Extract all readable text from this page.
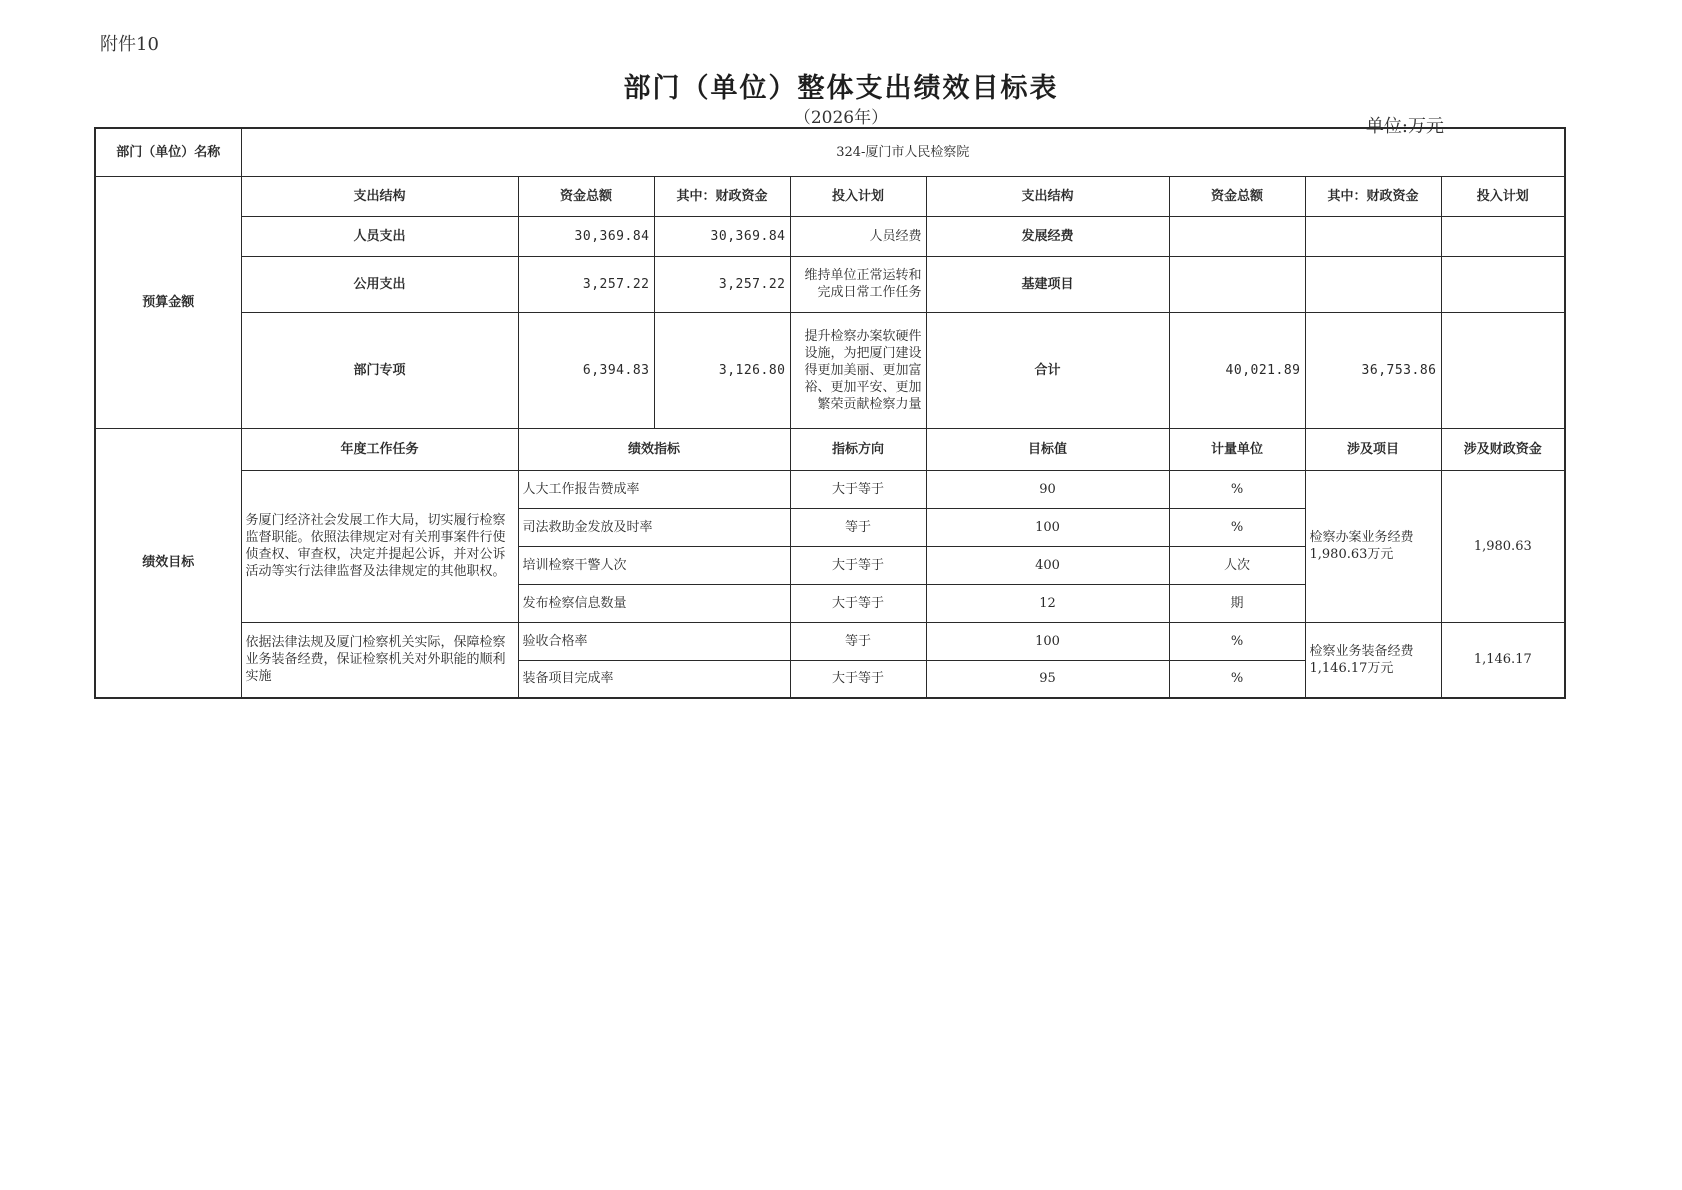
附件10
部门（单位）整体支出绩效目标表
（2026年）	单位:万元
部门（单位）名称	324-厦门市人民检察院							
预算金额	支出结构	资金总额	其中：财政资金	投入计划	支出结构	资金总额	其中：财政资金	投入计划
	人员支出	30,369.84	30,369.84	人员经费	发展经费			
	公用支出	3,257.22	3,257.22	维持单位正常运转和完成日常工作任务	基建项目			
	部门专项	6,394.83	3,126.80	提升检察办案软硬件设施，为把厦门建设得更加美丽、更加富裕、更加平安、更加繁荣贡献检察力量	合计	40,021.89	36,753.86	
绩效目标	年度工作任务	绩效指标		指标方向	目标值	计量单位	涉及项目	涉及财政资金
	务厦门经济社会发展工作大局，切实履行检察监督职能。依照法律规定对有关刑事案件行使侦查权、审查权，决定并提起公诉，并对公诉活动等实行法律监督及法律规定的其他职权。	人大工作报告赞成率		大于等于	90	%	检察办案业务经费1,980.63万元	1,980.63
		司法救助金发放及时率		等于	100	%		
		培训检察干警人次		大于等于	400	人次		
		发布检察信息数量		大于等于	12	期		
	依据法律法规及厦门检察机关实际，保障检察业务装备经费，保证检察机关对外职能的顺利实施	验收合格率		等于	100	%	检察业务装备经费1,146.17万元	1,146.17
		装备项目完成率		大于等于	95	%		
